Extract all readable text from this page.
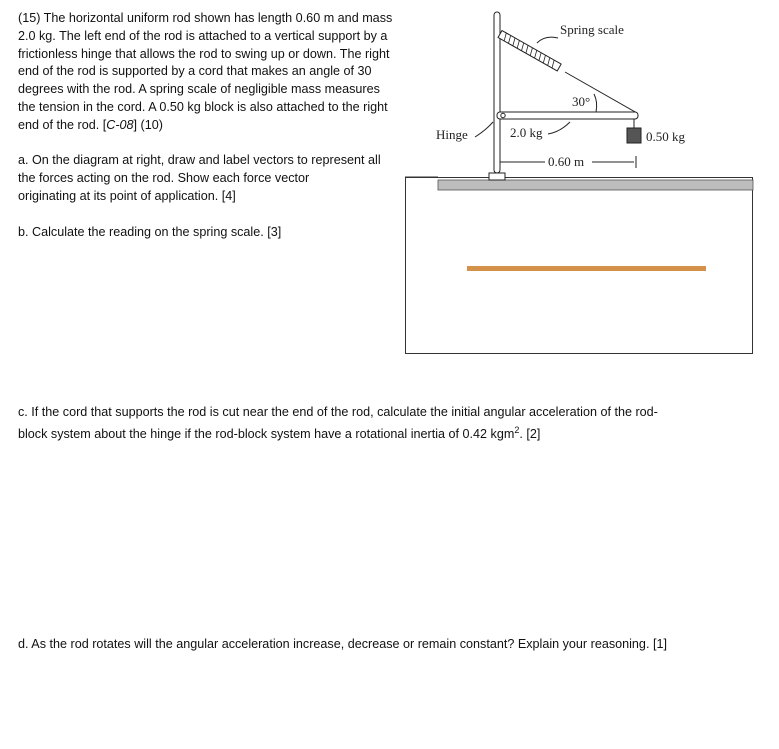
(15) The horizontal uniform rod shown has length 0.60 m and mass
2.0 kg. The left end of the rod is attached to a vertical support by a
frictionless hinge that allows the rod to swing up or down. The right
end of the rod is supported by a cord that makes an angle of 30
degrees with the rod. A spring scale of negligible mass measures
the tension in the cord. A 0.50 kg block is also attached to the right
end of the rod. [C-08] (10)
a. On the diagram at right, draw and label vectors to represent all
the forces acting on the rod. Show each force vector
originating at its point of application. [4]
b. Calculate the reading on the spring scale. [3]
Spring scale
30°
Hinge	2.0 kg	0.50 kg
0.60 m
c. If the cord that supports the rod is cut near the end of the rod, calculate the initial angular acceleration of the rod-
block system about the hinge if the rod-block system have a rotational inertia of 0.42 kgm$^2$. [2]
d. As the rod rotates will the angular acceleration increase, decrease or remain constant? Explain your reasoning. [1]
